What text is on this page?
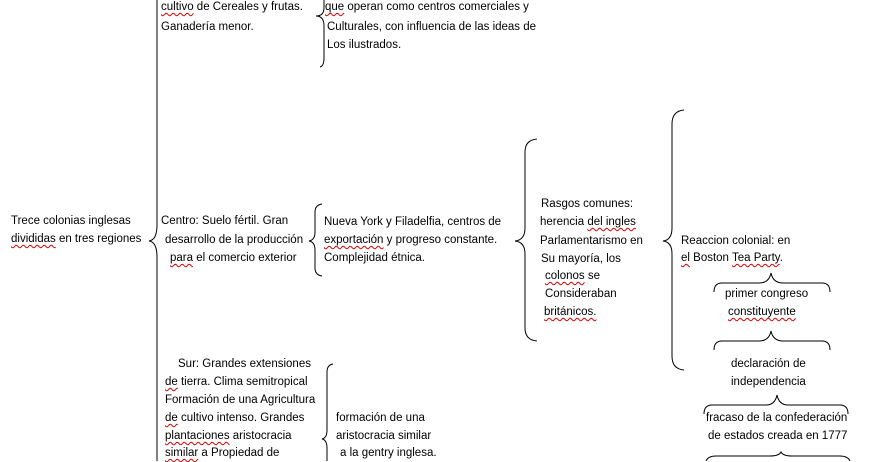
Trece colonias inglesas
divididas en tres regiones
cultivo de Cereales y frutas.
Ganadería menor.
que operan como centros comerciales y
Culturales, con influencia de las ideas de
Los ilustrados.
Centro: Suelo fértil. Gran
desarrollo de la producción
para el comercio exterior
Nueva York y Filadelfia, centros de
exportación y progreso constante.
Complejidad étnica.
Rasgos comunes:
herencia del ingles
Parlamentarismo en
Su mayoría, los
colonos se
Consideraban
británicos.
Reaccion colonial: en
el Boston Tea Party.
primer congreso
constituyente
declaración de
independencia
fracaso de la confederación
de estados creada en 1777
Sur: Grandes extensiones
de tierra. Clima semitropical
Formación de una Agricultura
de cultivo intenso. Grandes
plantaciones aristocracia
similar a Propiedad de
formación de una
aristocracia similar
a la gentry inglesa.
